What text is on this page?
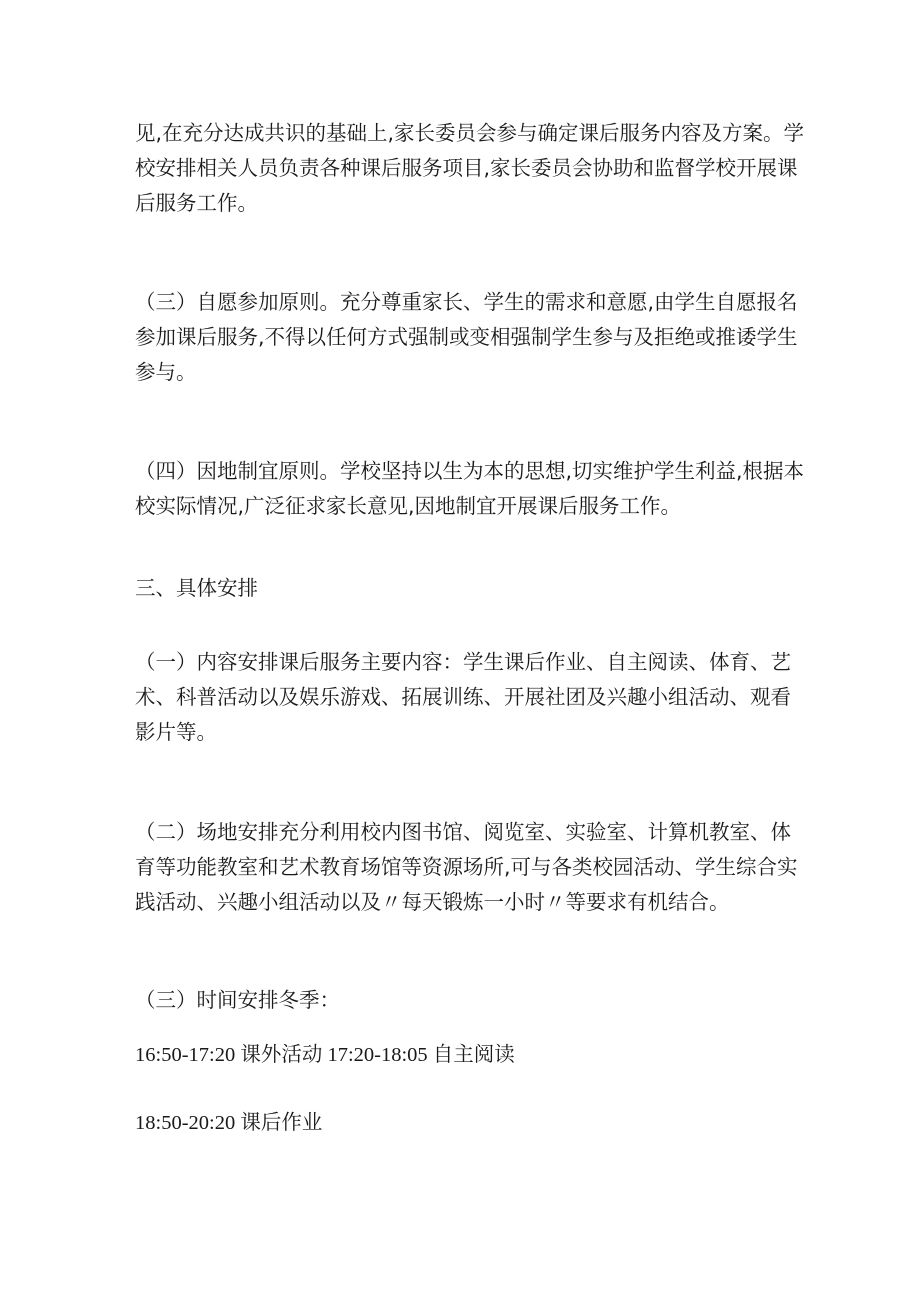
见,在充分达成共识的基础上,家长委员会参与确定课后服务内容及方案。学
校安排相关人员负责各种课后服务项目,家长委员会协助和监督学校开展课
后服务工作。

（三）自愿参加原则。充分尊重家长、学生的需求和意愿,由学生自愿报名
参加课后服务,不得以任何方式强制或变相强制学生参与及拒绝或推诿学生
参与。

（四）因地制宜原则。学校坚持以生为本的思想,切实维护学生利益,根据本
校实际情况,广泛征求家长意见,因地制宜开展课后服务工作。

三、具体安排

（一）内容安排课后服务主要内容：学生课后作业、自主阅读、体育、艺
术、科普活动以及娱乐游戏、拓展训练、开展社团及兴趣小组活动、观看
影片等。

（二）场地安排充分利用校内图书馆、阅览室、实验室、计算机教室、体
育等功能教室和艺术教育场馆等资源场所,可与各类校园活动、学生综合实
践活动、兴趣小组活动以及〃每天锻炼一小时〃等要求有机结合。

（三）时间安排冬季：

16:50-17:20 课外活动 17:20-18:05 自主阅读

18:50-20:20 课后作业
